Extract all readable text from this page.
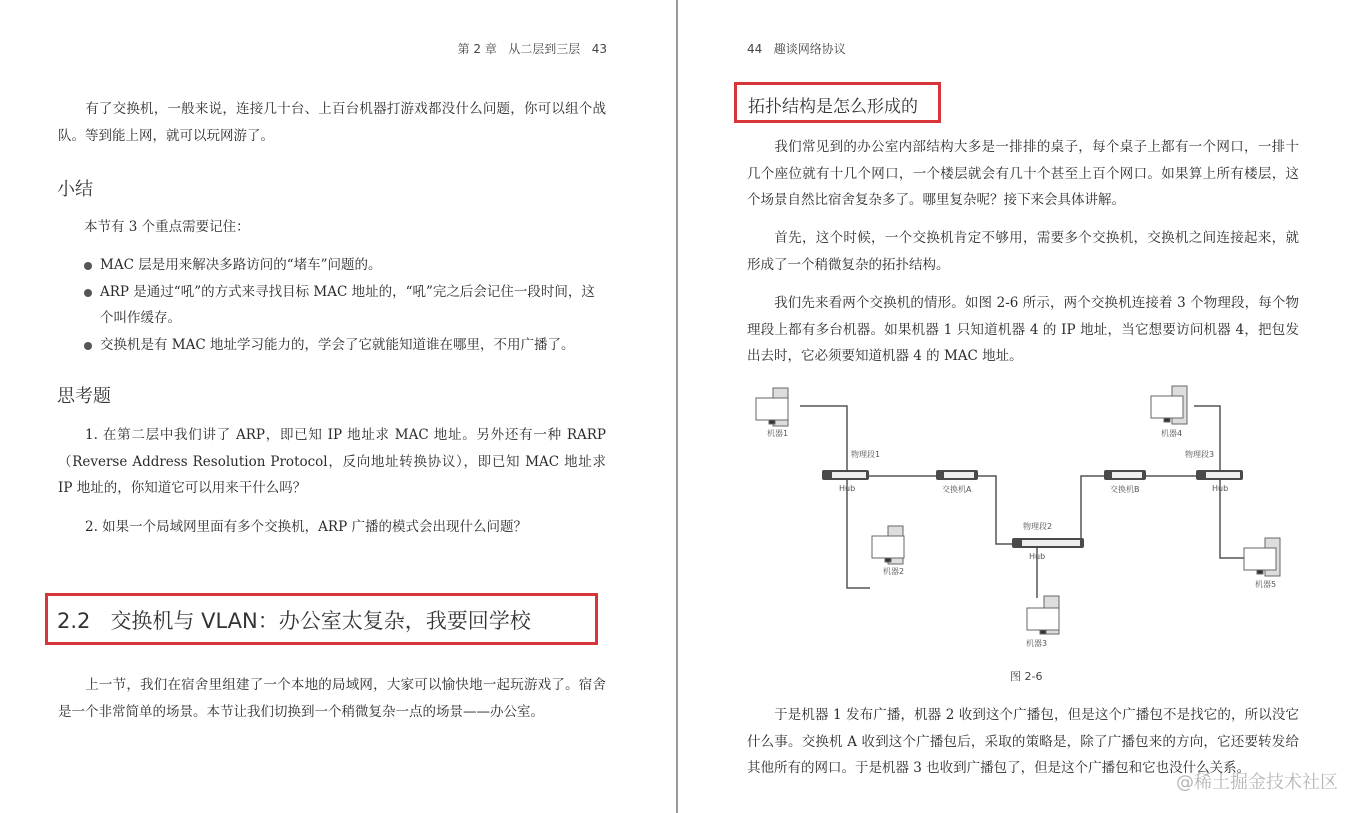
第 2 章   从二层到三层   43
有了交换机，一般来说，连接几十台、上百台机器打游戏都没什么问题，你可以组个战队。等到能上网，就可以玩网游了。
小结
本节有 3 个重点需要记住：
MAC 层是用来解决多路访问的“堵车”问题的。
ARP 是通过“吼”的方式来寻找目标 MAC 地址的，“吼”完之后会记住一段时间，这个叫作缓存。
交换机是有 MAC 地址学习能力的，学会了它就能知道谁在哪里，不用广播了。
思考题
1. 在第二层中我们讲了 ARP，即已知 IP 地址求 MAC 地址。另外还有一种 RARP（Reverse Address Resolution Protocol，反向地址转换协议），即已知 MAC 地址求 IP 地址的，你知道它可以用来干什么吗？
2. 如果一个局域网里面有多个交换机，ARP 广播的模式会出现什么问题？
2.2 交换机与 VLAN：办公室太复杂，我要回学校
上一节，我们在宿舍里组建了一个本地的局域网，大家可以愉快地一起玩游戏了。宿舍是一个非常简单的场景。本节让我们切换到一个稍微复杂一点的场景——办公室。
44   趣谈网络协议
拓扑结构是怎么形成的
我们常见到的办公室内部结构大多是一排排的桌子，每个桌子上都有一个网口，一排十几个座位就有十几个网口，一个楼层就会有几十个甚至上百个网口。如果算上所有楼层，这个场景自然比宿舍复杂多了。哪里复杂呢？接下来会具体讲解。
首先，这个时候，一个交换机肯定不够用，需要多个交换机，交换机之间连接起来，就形成了一个稍微复杂的拓扑结构。
我们先来看两个交换机的情形。如图 2-6 所示，两个交换机连接着 3 个物理段，每个物理段上都有多台机器。如果机器 1 只知道机器 4 的 IP 地址，当它想要访问机器 4，把包发出去时，它必须要知道机器 4 的 MAC 地址。
图 2-6
于是机器 1 发布广播，机器 2 收到这个广播包，但是这个广播包不是找它的，所以没它什么事。交换机 A 收到这个广播包后，采取的策略是，除了广播包来的方向，它还要转发给其他所有的网口。于是机器 3 也收到广播包了，但是这个广播包和它也没什么关系。
机器1
物理段1
Hub	交换机A
机器2
物理段2
Hub
机器3
交换机B
机器4
物理段3
Hub
机器5
@稀土掘金技术社区
